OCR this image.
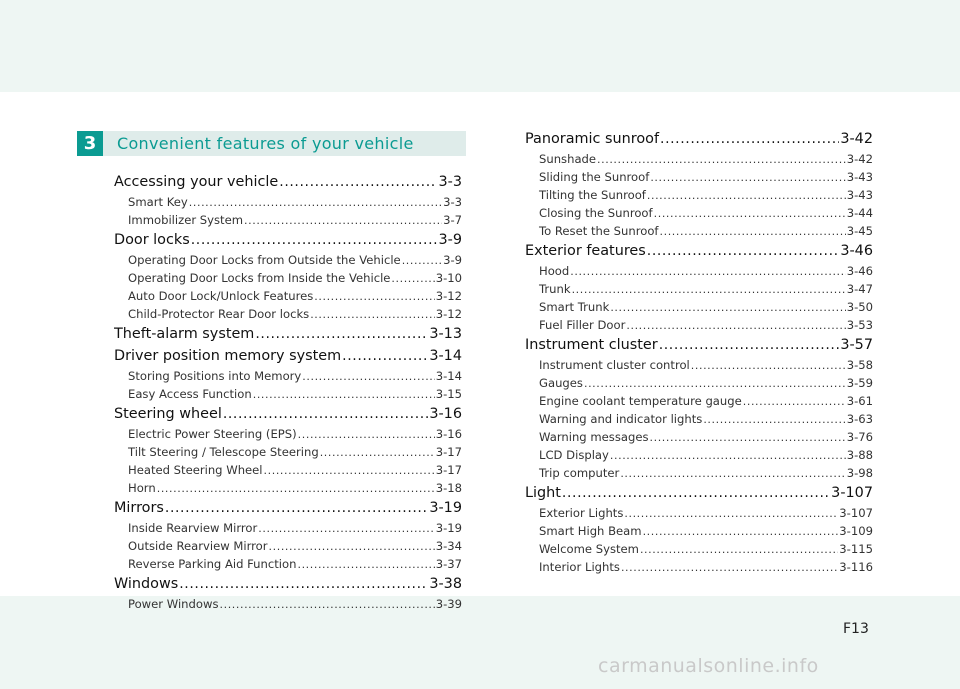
3	Convenient features of your vehicle
Accessing your vehicle .....	3-3
Smart Key .....	3-3
Immobilizer System .....	3-7
Door locks .....	3-9
Operating Door Locks from Outside the Vehicle .....	3-9
Operating Door Locks from Inside the Vehicle .....	3-10
Auto Door Lock/Unlock Features .....	3-12
Child-Protector Rear Door locks .....	3-12
Theft-alarm system .....	3-13
Driver position memory system .....	3-14
Storing Positions into Memory .....	3-14
Easy Access Function .....	3-15
Steering wheel .....	3-16
Electric Power Steering (EPS) .....	3-16
Tilt Steering / Telescope Steering .....	3-17
Heated Steering Wheel .....	3-17
Horn .....	3-18
Mirrors .....	3-19
Inside Rearview Mirror .....	3-19
Outside Rearview Mirror .....	3-34
Reverse Parking Aid Function .....	3-37
Windows .....	3-38
Power Windows .....	3-39
Panoramic sunroof .....	3-42
Sunshade .....	3-42
Sliding the Sunroof .....	3-43
Tilting the Sunroof .....	3-43
Closing the Sunroof .....	3-44
To Reset the Sunroof .....	3-45
Exterior features .....	3-46
Hood .....	3-46
Trunk .....	3-47
Smart Trunk .....	3-50
Fuel Filler Door .....	3-53
Instrument cluster .....	3-57
Instrument cluster control .....	3-58
Gauges .....	3-59
Engine coolant temperature gauge .....	3-61
Warning and indicator lights .....	3-63
Warning messages .....	3-76
LCD Display .....	3-88
Trip computer .....	3-98
Light .....	3-107
Exterior Lights .....	3-107
Smart High Beam .....	3-109
Welcome System .....	3-115
Interior Lights .....	3-116
F13
carmanualsonline.info
